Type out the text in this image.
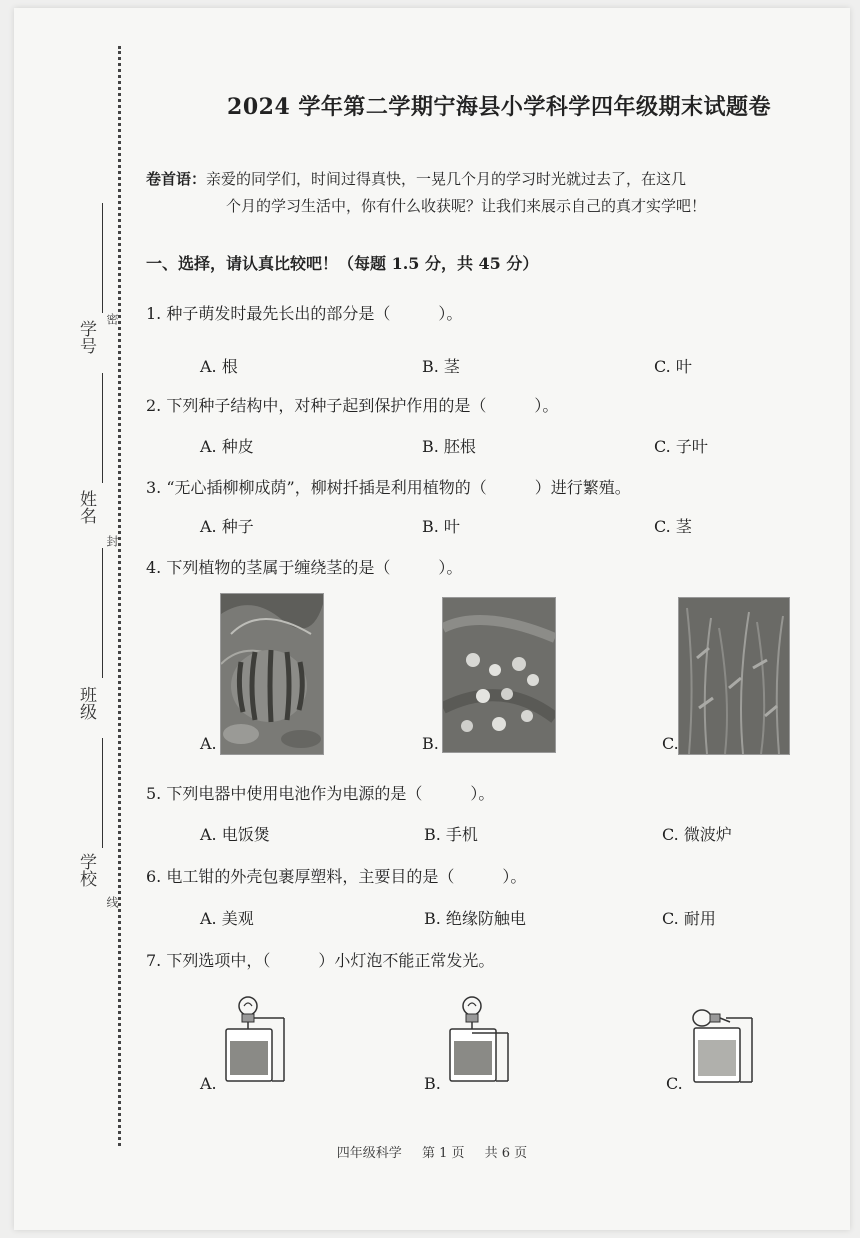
学号
姓名
班级
学校
密
封
线
2024 学年第二学期宁海县小学科学四年级期末试题卷
卷首语：亲爱的同学们，时间过得真快，一晃几个月的学习时光就过去了，在这几
个月的学习生活中，你有什么收获呢？让我们来展示自己的真才实学吧！
一、选择，请认真比较吧！（每题 1.5 分，共 45 分）
1. 种子萌发时最先长出的部分是（　　　）。
A. 根	B. 茎	C. 叶
2. 下列种子结构中，对种子起到保护作用的是（　　　）。
A. 种皮	B. 胚根	C. 子叶
3. “无心插柳柳成荫”，柳树扦插是利用植物的（　　　）进行繁殖。
A. 种子	B. 叶	C. 茎
4. 下列植物的茎属于缠绕茎的是（　　　）。
A.	B.	C.
5. 下列电器中使用电池作为电源的是（　　　）。
A. 电饭煲	B. 手机	C. 微波炉
6. 电工钳的外壳包裹厚塑料，主要目的是（　　　）。
A. 美观	B. 绝缘防触电	C. 耐用
7. 下列选项中，（　　　）小灯泡不能正常发光。
A.	B.	C.
四年级科学 第 1 页 共 6 页
